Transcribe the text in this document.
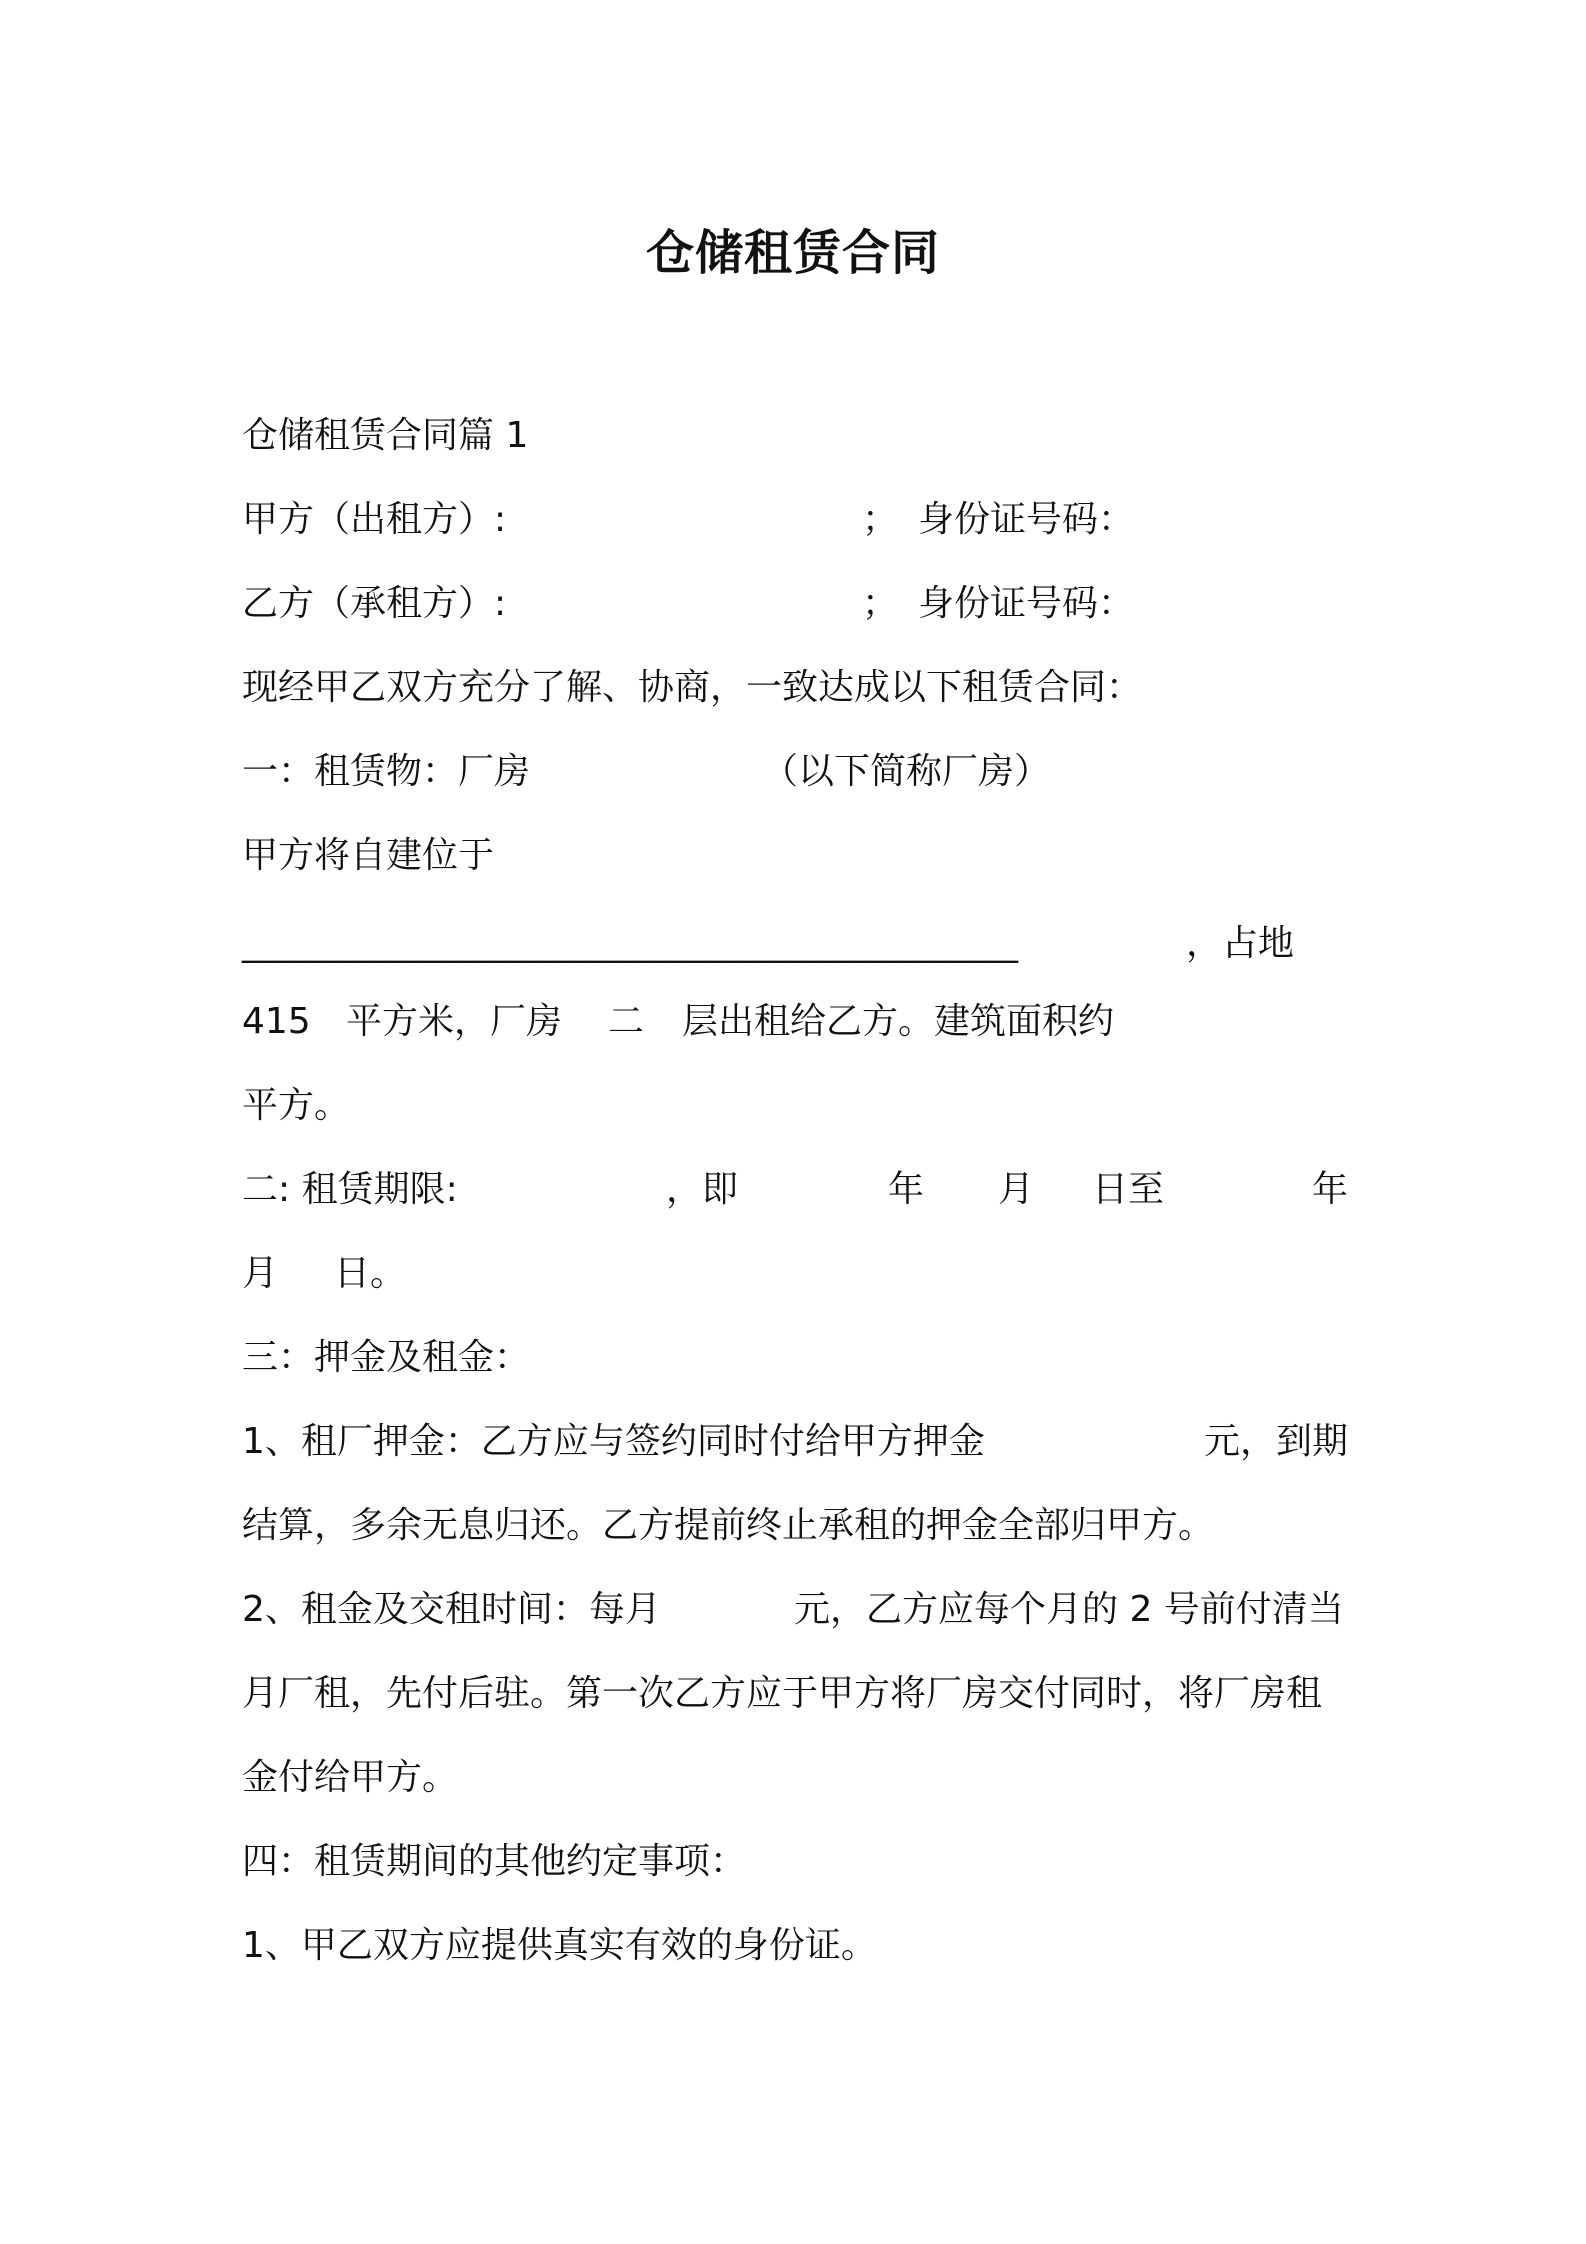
仓储租赁合同
仓储租赁合同篇 1
甲方（出租方）:	； 身份证号码：
乙方（承租方）:	； 身份证号码：
现经甲乙双方充分了解、协商，一致达成以下租赁合同：
一：租赁物：厂房	（以下简称厂房）
甲方将自建位于
_______________________________________________	，占地
415 平方米，厂房 二 层出租给乙方。建筑面积约
平方。
二: 租赁期限:	，即	年 月 日至	年
月 日。
三：押金及租金：
1、租厂押金：乙方应与签约同时付给甲方押金	元，到期
结算，多余无息归还。乙方提前终止承租的押金全部归甲方。
2、租金及交租时间：每月	元，乙方应每个月的 2 号前付清当
月厂租，先付后驻。第一次乙方应于甲方将厂房交付同时，将厂房租
金付给甲方。
四：租赁期间的其他约定事项：
1、甲乙双方应提供真实有效的身份证。
